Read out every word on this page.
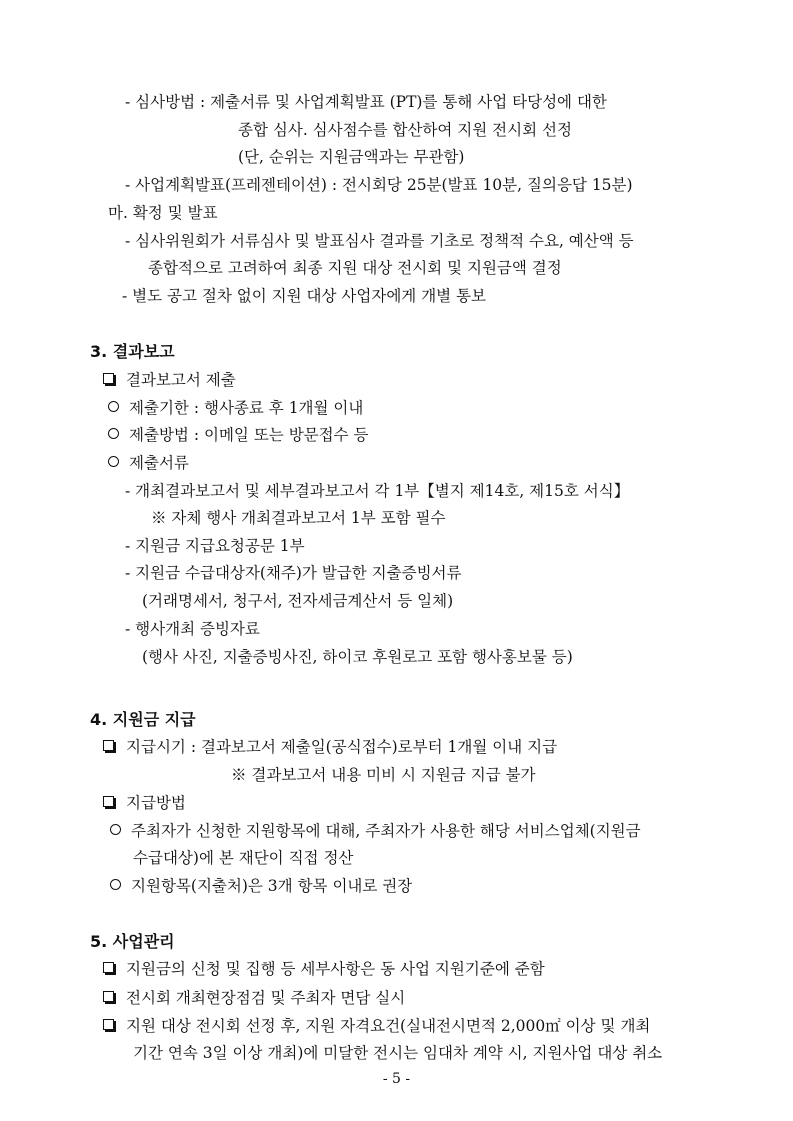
- 심사방법 : 제출서류 및 사업계획발표 (PT)를 통해 사업 타당성에 대한
종합 심사. 심사점수를 합산하여 지원 전시회 선정
(단, 순위는 지원금액과는 무관함)
- 사업계획발표(프레젠테이션) : 전시회당 25분(발표 10분, 질의응답 15분)
마. 확정 및 발표
- 심사위원회가 서류심사 및 발표심사 결과를 기초로 정책적 수요, 예산액 등
종합적으로 고려하여 최종 지원 대상 전시회 및 지원금액 결정
- 별도 공고 절차 없이 지원 대상 사업자에게 개별 통보
3. 결과보고
결과보고서 제출
제출기한 : 행사종료 후 1개월 이내
제출방법 : 이메일 또는 방문접수 등
제출서류
- 개최결과보고서 및 세부결과보고서 각 1부【별지 제14호, 제15호 서식】
※ 자체 행사 개최결과보고서 1부 포함 필수
- 지원금 지급요청공문 1부
- 지원금 수급대상자(채주)가 발급한 지출증빙서류
(거래명세서, 청구서, 전자세금계산서 등 일체)
- 행사개최 증빙자료
(행사 사진, 지출증빙사진, 하이코 후원로고 포함 행사홍보물 등)
4. 지원금 지급
지급시기 : 결과보고서 제출일(공식접수)로부터 1개월 이내 지급
※ 결과보고서 내용 미비 시 지원금 지급 불가
지급방법
주최자가 신청한 지원항목에 대해, 주최자가 사용한 해당 서비스업체(지원금
수급대상)에 본 재단이 직접 정산
지원항목(지출처)은 3개 항목 이내로 권장
5. 사업관리
지원금의 신청 및 집행 등 세부사항은 동 사업 지원기준에 준함
전시회 개최현장점검 및 주최자 면담 실시
지원 대상 전시회 선정 후, 지원 자격요건(실내전시면적 2,000㎡ 이상 및 개최
기간 연속 3일 이상 개최)에 미달한 전시는 임대차 계약 시, 지원사업 대상 취소
- 5 -
